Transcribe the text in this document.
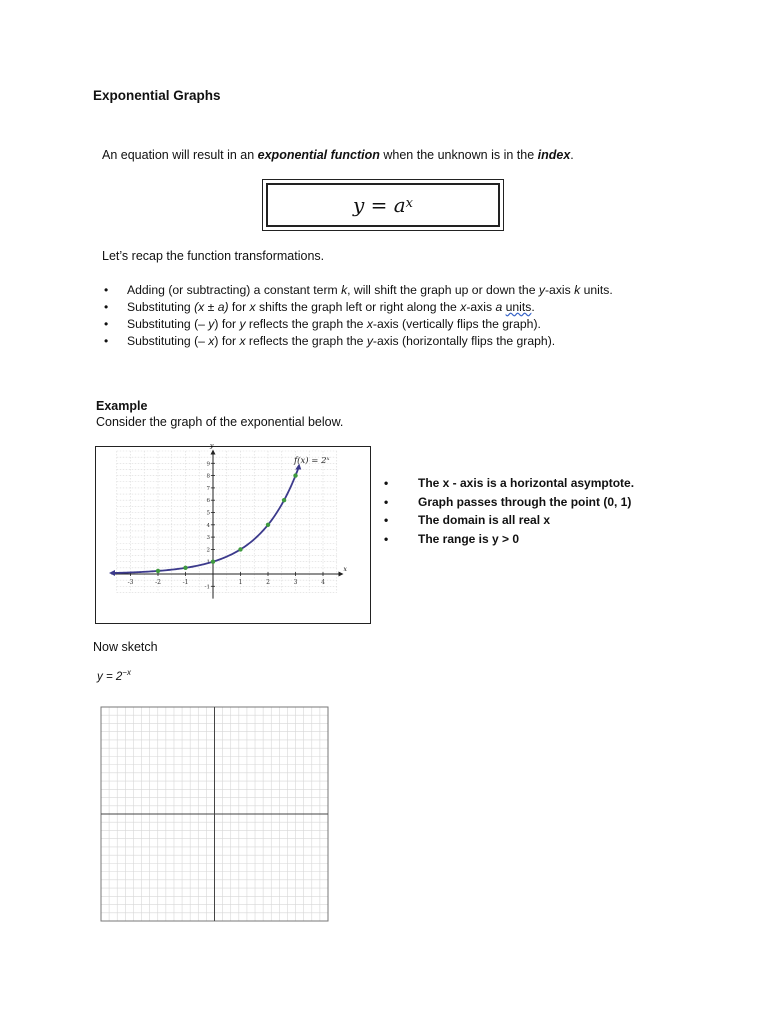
Exponential Graphs
An equation will result in an exponential function when the unknown is in the index.
$y = a^x$
Let’s recap the function transformations.
• Adding (or subtracting) a constant term k, will shift the graph up or down the y-axis k units.
• Substituting (x ± a) for x shifts the graph left or right along the x-axis a units.
• Substituting (– y) for y reflects the graph the x-axis (vertically flips the graph).
• Substituting (– x) for x reflects the graph the y-axis (horizontally flips the graph).
Example
Consider the graph of the exponential below.
x
y
-3	-2	-1	1	2	3	4
9
8
7
6
5
4
3
2
1
-1
f(x) = 2ˣ
• The x - axis is a horizontal asymptote.
• Graph passes through the point (0, 1)
• The domain is all real x
• The range is y > 0
Now sketch
$y = 2^{-x}$
